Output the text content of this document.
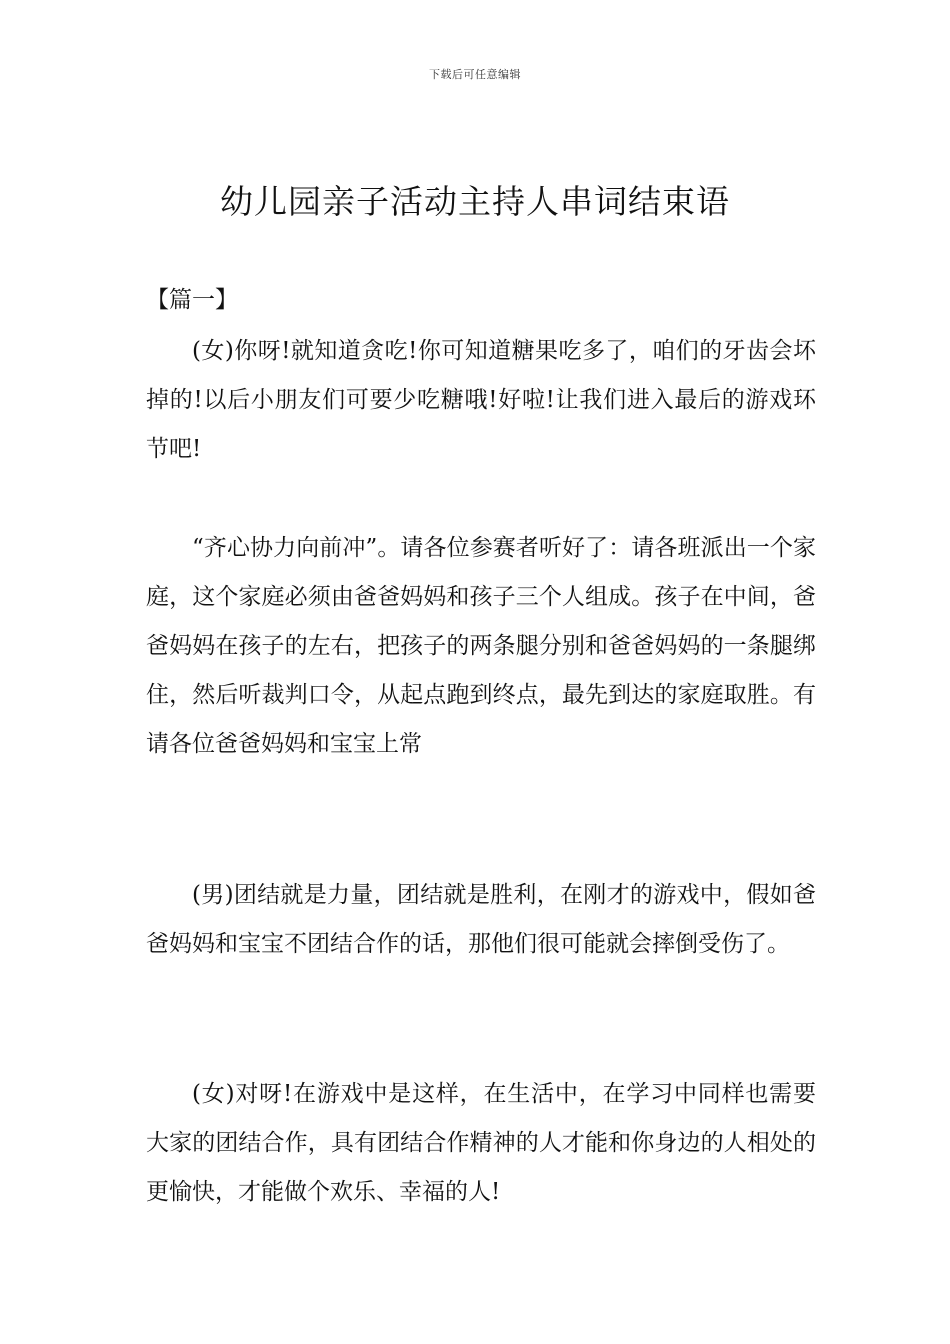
下载后可任意编辑
幼儿园亲子活动主持人串词结束语
【篇一】

(女)你呀!就知道贪吃!你可知道糖果吃多了，咱们的牙齿会坏掉的!以后小朋友们可要少吃糖哦!好啦!让我们进入最后的游戏环节吧!

“齐心协力向前冲”。请各位参赛者听好了：请各班派出一个家庭，这个家庭必须由爸爸妈妈和孩子三个人组成。孩子在中间，爸爸妈妈在孩子的左右，把孩子的两条腿分别和爸爸妈妈的一条腿绑住，然后听裁判口令，从起点跑到终点，最先到达的家庭取胜。有请各位爸爸妈妈和宝宝上常

(男)团结就是力量，团结就是胜利，在刚才的游戏中，假如爸爸妈妈和宝宝不团结合作的话，那他们很可能就会摔倒受伤了。

(女)对呀!在游戏中是这样，在生活中，在学习中同样也需要大家的团结合作，具有团结合作精神的人才能和你身边的人相处的更愉快，才能做个欢乐、幸福的人!
